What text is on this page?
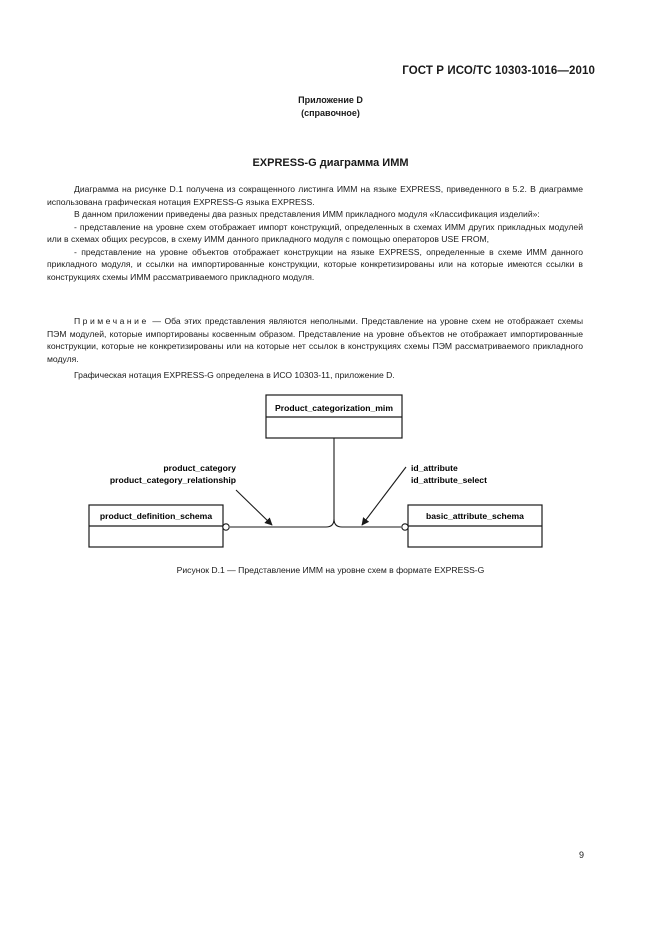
ГОСТ Р ИСО/ТС 10303-1016—2010
Приложение D
(справочное)
EXPRESS-G диаграмма ИММ

Диаграмма на рисунке D.1 получена из сокращенного листинга ИММ на языке EXPRESS, приведенного в 5.2. В диаграмме использована графическая нотация EXPRESS-G языка EXPRESS.

В данном приложении приведены два разных представления ИММ прикладного модуля «Классификация изделий»:

- представление на уровне схем отображает импорт конструкций, определенных в схемах ИММ других прикладных модулей или в схемах общих ресурсов, в схему ИММ данного прикладного модуля с помощью операторов USE FROM,

- представление на уровне объектов отображает конструкции на языке EXPRESS, определенные в схеме ИММ данного прикладного модуля, и ссылки на импортированные конструкции, которые конкретизированы или на которые имеются ссылки в конструкциях схемы ИММ рассматриваемого прикладного модуля.

Примечание — Оба этих представления являются неполными. Представление на уровне схем не отображает схемы ПЭМ модулей, которые импортированы косвенным образом. Представление на уровне объектов не отображает импортированные конструкции, которые не конкретизированы или на которые нет ссылок в конструкциях схемы ПЭМ рассматриваемого прикладного модуля.

Графическая нотация EXPRESS-G определена в ИСО 10303-11, приложение D.

Product_categorization_mim
product_definition_schema	basic_attribute_schema
product_category
product_category_relationship
id_attribute
id_attribute_select
Рисунок D.1 — Представление ИММ на уровне схем в формате EXPRESS-G
9
